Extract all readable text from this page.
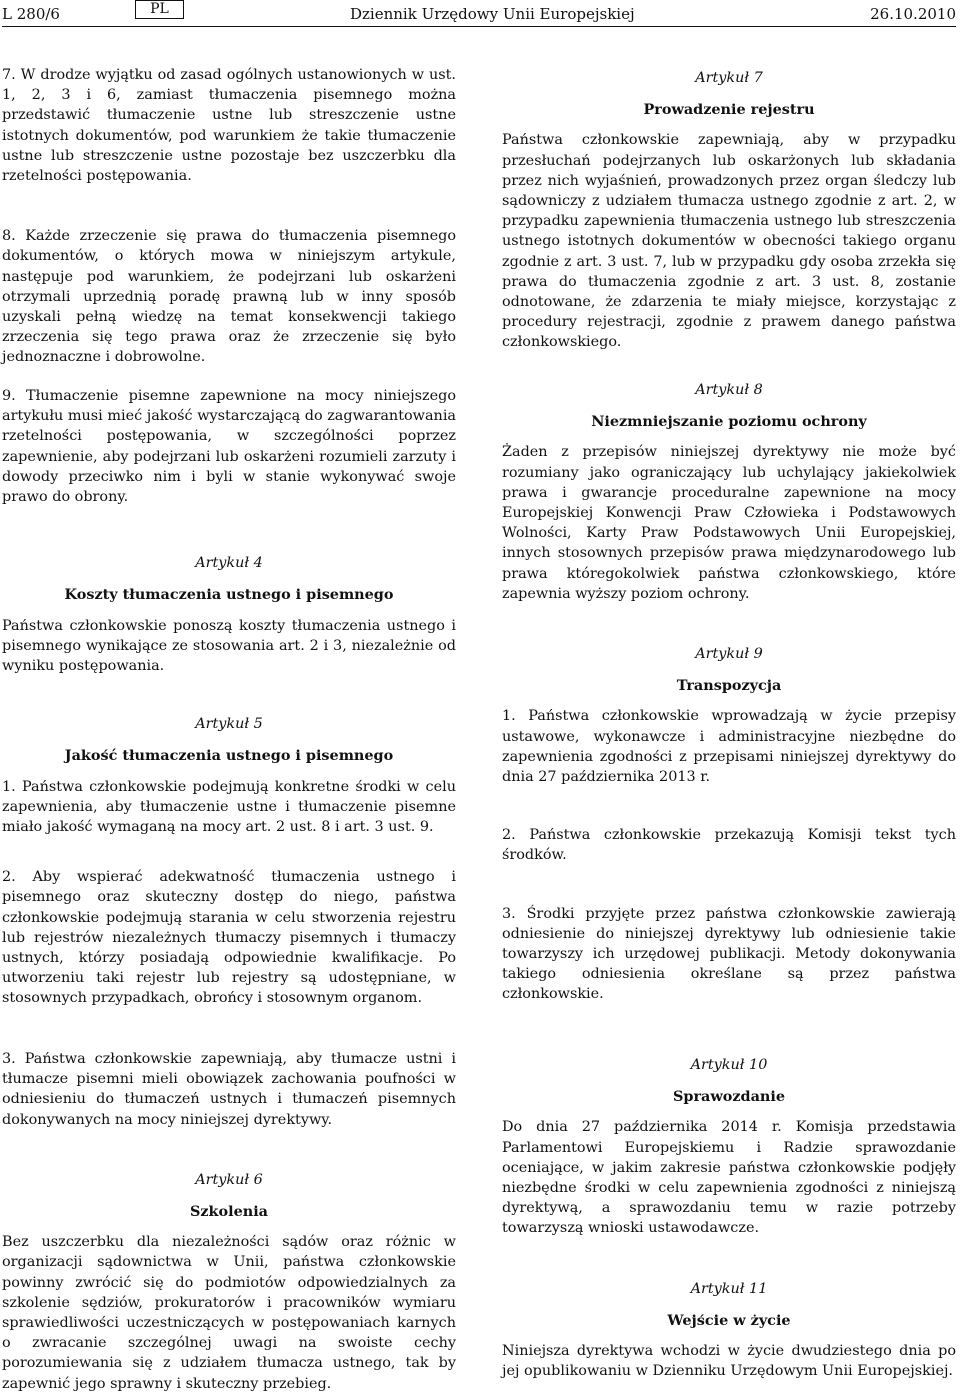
L 280/6	PL	Dziennik Urzędowy Unii Europejskiej	26.10.2010

7. W drodze wyjątku od zasad ogólnych ustanowionych w ust. 1, 2, 3 i 6, zamiast tłumaczenia pisemnego można przedstawić tłumaczenie ustne lub streszczenie ustne istotnych dokumentów, pod warunkiem że takie tłumaczenie ustne lub streszczenie ustne pozostaje bez uszczerbku dla rzetelności postępowania.

8. Każde zrzeczenie się prawa do tłumaczenia pisemnego dokumentów, o których mowa w niniejszym artykule, następuje pod warunkiem, że podejrzani lub oskarżeni otrzymali uprzednią poradę prawną lub w inny sposób uzyskali pełną wiedzę na temat konsekwencji takiego zrzeczenia się tego prawa oraz że zrzeczenie się było jednoznaczne i dobrowolne.

Artykuł 7

Prowadzenie rejestru

Państwa członkowskie zapewniają, aby w przypadku przesłuchań podejrzanych lub oskarżonych lub składania przez nich wyjaśnień, prowadzonych przez organ śledczy lub sądowniczy z udziałem tłumacza ustnego zgodnie z art. 2, w przypadku zapewnienia tłumaczenia ustnego lub streszczenia ustnego istotnych dokumentów w obecności takiego organu zgodnie z art. 3 ust. 7, lub w przypadku gdy osoba zrzekła się prawa do tłumaczenia zgodnie z art. 3 ust. 8, zostanie odnotowane, że zdarzenia te miały miejsce, korzystając z procedury rejestracji, zgodnie z prawem danego państwa członkowskiego.

9. Tłumaczenie pisemne zapewnione na mocy niniejszego artykułu musi mieć jakość wystarczającą do zagwarantowania rzetelności postępowania, w szczególności poprzez zapewnienie, aby podejrzani lub oskarżeni rozumieli zarzuty i dowody przeciwko nim i byli w stanie wykonywać swoje prawo do obrony.

Artykuł 4

Koszty tłumaczenia ustnego i pisemnego

Państwa członkowskie ponoszą koszty tłumaczenia ustnego i pisemnego wynikające ze stosowania art. 2 i 3, niezależnie od wyniku postępowania.

Artykuł 5

Jakość tłumaczenia ustnego i pisemnego

1. Państwa członkowskie podejmują konkretne środki w celu zapewnienia, aby tłumaczenie ustne i tłumaczenie pisemne miało jakość wymaganą na mocy art. 2 ust. 8 i art. 3 ust. 9.

2. Aby wspierać adekwatność tłumaczenia ustnego i pisemnego oraz skuteczny dostęp do niego, państwa członkowskie podejmują starania w celu stworzenia rejestru lub rejestrów niezależnych tłumaczy pisemnych i tłumaczy ustnych, którzy posiadają odpowiednie kwalifikacje. Po utworzeniu taki rejestr lub rejestry są udostępniane, w stosownych przypadkach, obrońcy i stosownym organom.

Artykuł 8

Niezmniejszanie poziomu ochrony

Żaden z przepisów niniejszej dyrektywy nie może być rozumiany jako ograniczający lub uchylający jakiekolwiek prawa i gwarancje proceduralne zapewnione na mocy Europejskiej Konwencji Praw Człowieka i Podstawowych Wolności, Karty Praw Podstawowych Unii Europejskiej, innych stosownych przepisów prawa międzynarodowego lub prawa któregokolwiek państwa członkowskiego, które zapewnia wyższy poziom ochrony.

Artykuł 9

Transpozycja

1. Państwa członkowskie wprowadzają w życie przepisy ustawowe, wykonawcze i administracyjne niezbędne do zapewnienia zgodności z przepisami niniejszej dyrektywy do dnia 27 października 2013 r.

2. Państwa członkowskie przekazują Komisji tekst tych środków.

3. Środki przyjęte przez państwa członkowskie zawierają odniesienie do niniejszej dyrektywy lub odniesienie takie towarzyszy ich urzędowej publikacji. Metody dokonywania takiego odniesienia określane są przez państwa członkowskie.

3. Państwa członkowskie zapewniają, aby tłumacze ustni i tłumacze pisemni mieli obowiązek zachowania poufności w odniesieniu do tłumaczeń ustnych i tłumaczeń pisemnych dokonywanych na mocy niniejszej dyrektywy.

Artykuł 6

Szkolenia

Bez uszczerbku dla niezależności sądów oraz różnic w organizacji sądownictwa w Unii, państwa członkowskie powinny zwrócić się do podmiotów odpowiedzialnych za szkolenie sędziów, prokuratorów i pracowników wymiaru sprawiedliwości uczestniczących w postępowaniach karnych o zwracanie szczególnej uwagi na swoiste cechy porozumiewania się z udziałem tłumacza ustnego, tak by zapewnić jego sprawny i skuteczny przebieg.

Artykuł 10

Sprawozdanie

Do dnia 27 października 2014 r. Komisja przedstawia Parlamentowi Europejskiemu i Radzie sprawozdanie oceniające, w jakim zakresie państwa członkowskie podjęły niezbędne środki w celu zapewnienia zgodności z niniejszą dyrektywą, a sprawozdaniu temu w razie potrzeby towarzyszą wnioski ustawodawcze.

Artykuł 11

Wejście w życie

Niniejsza dyrektywa wchodzi w życie dwudziestego dnia po jej opublikowaniu w Dzienniku Urzędowym Unii Europejskiej.
